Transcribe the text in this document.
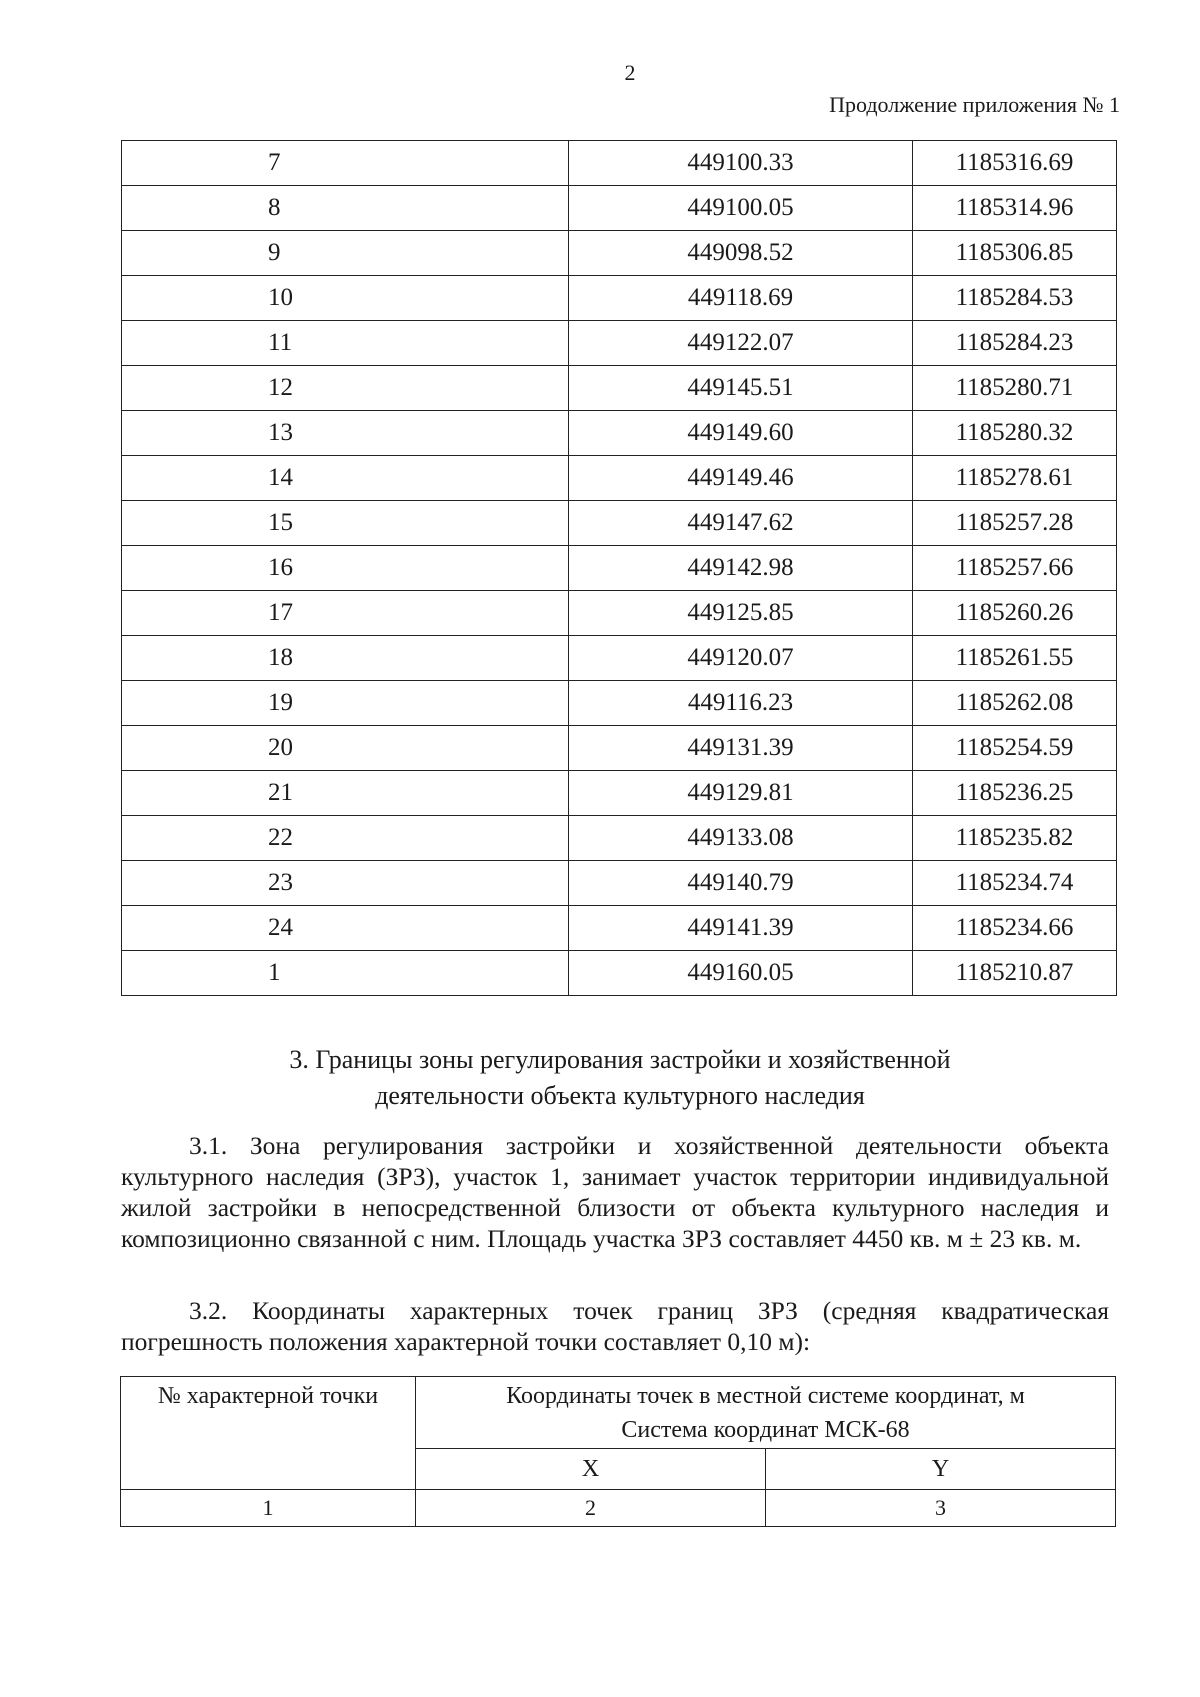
2
Продолжение приложения № 1
7	449100.33	1185316.69
8	449100.05	1185314.96
9	449098.52	1185306.85
10	449118.69	1185284.53
11	449122.07	1185284.23
12	449145.51	1185280.71
13	449149.60	1185280.32
14	449149.46	1185278.61
15	449147.62	1185257.28
16	449142.98	1185257.66
17	449125.85	1185260.26
18	449120.07	1185261.55
19	449116.23	1185262.08
20	449131.39	1185254.59
21	449129.81	1185236.25
22	449133.08	1185235.82
23	449140.79	1185234.74
24	449141.39	1185234.66
1	449160.05	1185210.87
3. Границы зоны регулирования застройки и хозяйственной
деятельности объекта культурного наследия
3.1. Зона регулирования застройки и хозяйственной деятельности объекта культурного наследия (ЗРЗ), участок 1, занимает участок территории индивидуальной жилой застройки в непосредственной близости от объекта культурного наследия и композиционно связанной с ним. Площадь участка ЗРЗ составляет 4450 кв. м ± 23 кв. м.
3.2. Координаты характерных точек границ ЗРЗ (средняя квадратическая погрешность положения характерной точки составляет 0,10 м):
№ характерной точки	Координаты точек в местной системе координат, м
Система координат МСК-68	

	X	Y
1	2	3
